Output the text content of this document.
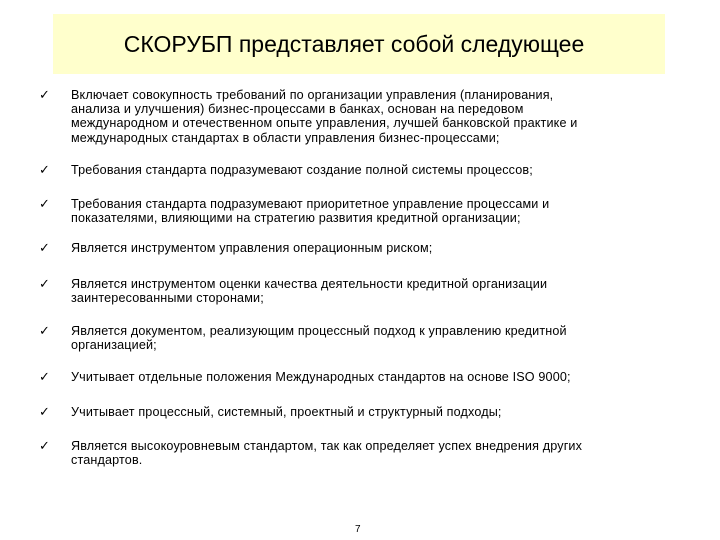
СКОРУБП представляет собой следующее
✓	Включает совокупность требований по организации управления (планирования,
анализа и улучшения) бизнес-процессами в банках, основан на передовом
международном и отечественном опыте управления, лучшей банковской практике и
международных стандартах в области управления бизнес-процессами;
✓	Требования стандарта подразумевают создание полной системы процессов;
✓	Требования стандарта подразумевают приоритетное управление процессами и
показателями, влияющими на стратегию развития кредитной организации;
✓	Является инструментом управления операционным риском;
✓	Является инструментом оценки качества деятельности кредитной организации
заинтересованными сторонами;
✓	Является документом, реализующим процессный подход к управлению кредитной
организацией;
✓	Учитывает отдельные положения Международных стандартов на основе ISO 9000;
✓	Учитывает процессный, системный, проектный и структурный подходы;
✓	Является высокоуровневым стандартом, так как определяет успех внедрения других
стандартов.
7
